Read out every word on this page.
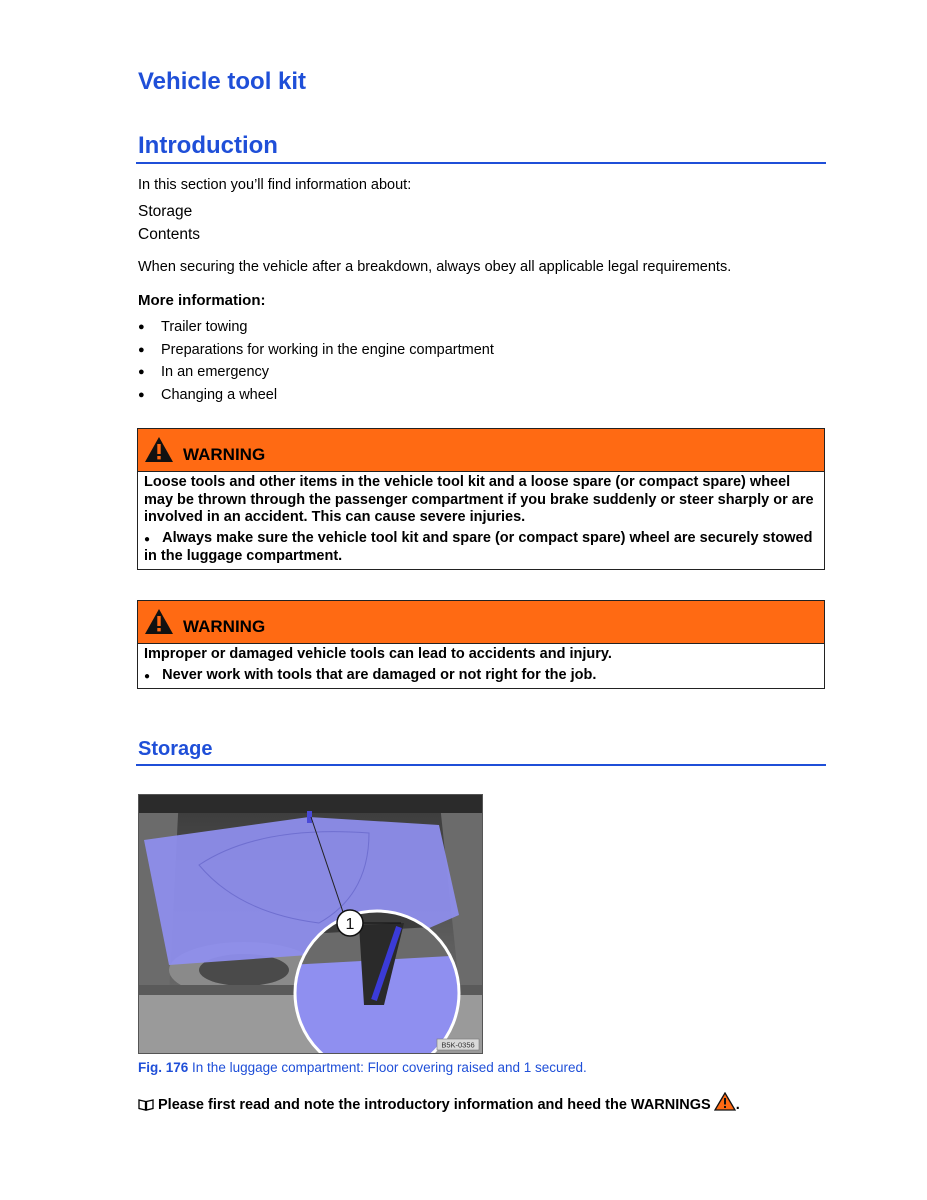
Vehicle tool kit
Introduction

In this section you’ll find information about:

Storage

Contents

When securing the vehicle after a breakdown, always obey all applicable legal requirements.

More information:

● Trailer towing
● Preparations for working in the engine compartment
● In an emergency
● Changing a wheel
WARNING

Loose tools and other items in the vehicle tool kit and a loose spare (or compact spare) wheel may be thrown through the passenger compartment if you brake suddenly or steer sharply or are involved in an accident. This can cause severe injuries.

● Always make sure the vehicle tool kit and spare (or compact spare) wheel are securely stowed in the luggage compartment.

WARNING

Improper or damaged vehicle tools can lead to accidents and injury.

● Never work with tools that are damaged or not right for the job.

Storage
1
B5K-0356
Fig. 176 In the luggage compartment: Floor covering raised and 1 secured.
Please first read and note the introductory information and heed the WARNINGS .
